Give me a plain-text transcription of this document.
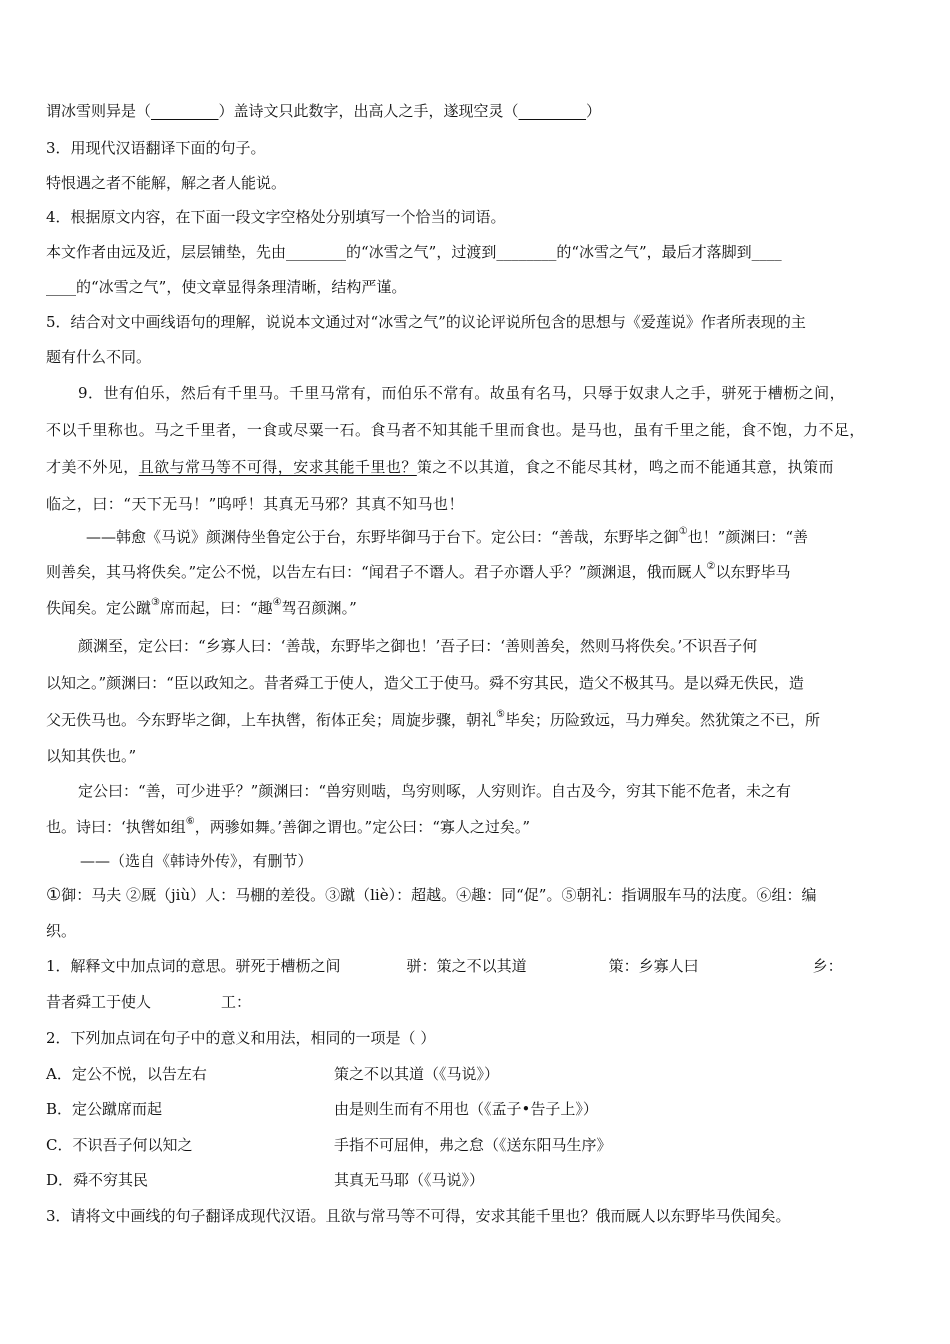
谓冰雪则异是（_________）盖诗文只此数字，出高人之手，遂现空灵（_________）
3．用现代汉语翻译下面的句子。
特恨遇之者不能解，解之者人能说。
4．根据原文内容，在下面一段文字空格处分别填写一个恰当的词语。
本文作者由远及近，层层铺垫，先由________的“冰雪之气”，过渡到________的“冰雪之气”，最后才落脚到____
____的“冰雪之气”，使文章显得条理清晰，结构严谨。
5．结合对文中画线语句的理解，说说本文通过对“冰雪之气”的议论评说所包含的思想与《爱莲说》作者所表现的主
题有什么不同。
9．世有伯乐，然后有千里马。千里马常有，而伯乐不常有。故虽有名马，只辱于奴隶人之手，骈死于槽枥之间，
不以千里称也。马之千里者，一食或尽粟一石。食马者不知其能千里而食也。是马也，虽有千里之能，食不饱，力不足，
才美不外见，且欲与常马等不可得，安求其能千里也？策之不以其道，食之不能尽其材，鸣之而不能通其意，执策而
临之，曰：“天下无马！”呜呼！其真无马邪？其真不知马也！
——韩愈《马说》颜渊侍坐鲁定公于台，东野毕御马于台下。定公曰：“善哉，东野毕之御①也！”颜渊曰：“善
则善矣，其马将佚矣。”定公不悦，以告左右曰：“闻君子不谮人。君子亦谮人乎？”颜渊退，俄而厩人②以东野毕马
佚闻矣。定公蹴③席而起，曰：“趣④驾召颜渊。”
颜渊至，定公曰：“乡寡人曰：‘善哉，东野毕之御也！’吾子曰：‘善则善矣，然则马将佚矣。’不识吾子何
以知之。”颜渊曰：“臣以政知之。昔者舜工于使人，造父工于使马。舜不穷其民，造父不极其马。是以舜无佚民，造
父无佚马也。今东野毕之御，上车执辔，衔体正矣；周旋步骤，朝礼⑤毕矣；历险致远，马力殚矣。然犹策之不已，所
以知其佚也。”
定公曰：“善，可少进乎？”颜渊曰：“兽穷则啮，鸟穷则啄，人穷则诈。自古及今，穷其下能不危者，未之有
也。诗曰：‘执辔如组⑥，两骖如舞。’善御之谓也。”定公曰：“寡人之过矣。”
——（选自《韩诗外传》，有删节）
①御：马夫 ②厩（jiù）人：马棚的差役。③蹴（liè）：超越。④趣：同“促”。⑤朝礼：指调服车马的法度。⑥组：编
织。
1．解释文中加点词的意思。骈死于槽枥之间	骈：策之不以其道	策：乡寡人曰	乡：
昔者舜工于使人	工：
2．下列加点词在句子中的意义和用法，相同的一项是（ ）
A．定公不悦，以告左右	策之不以其道（《马说》）
B．定公蹴席而起	由是则生而有不用也（《孟子•告子上》）
C．不识吾子何以知之	手指不可屈伸，弗之怠（《送东阳马生序》
D．舜不穷其民	其真无马耶（《马说》）
3．请将文中画线的句子翻译成现代汉语。且欲与常马等不可得，安求其能千里也？俄而厩人以东野毕马佚闻矣。
